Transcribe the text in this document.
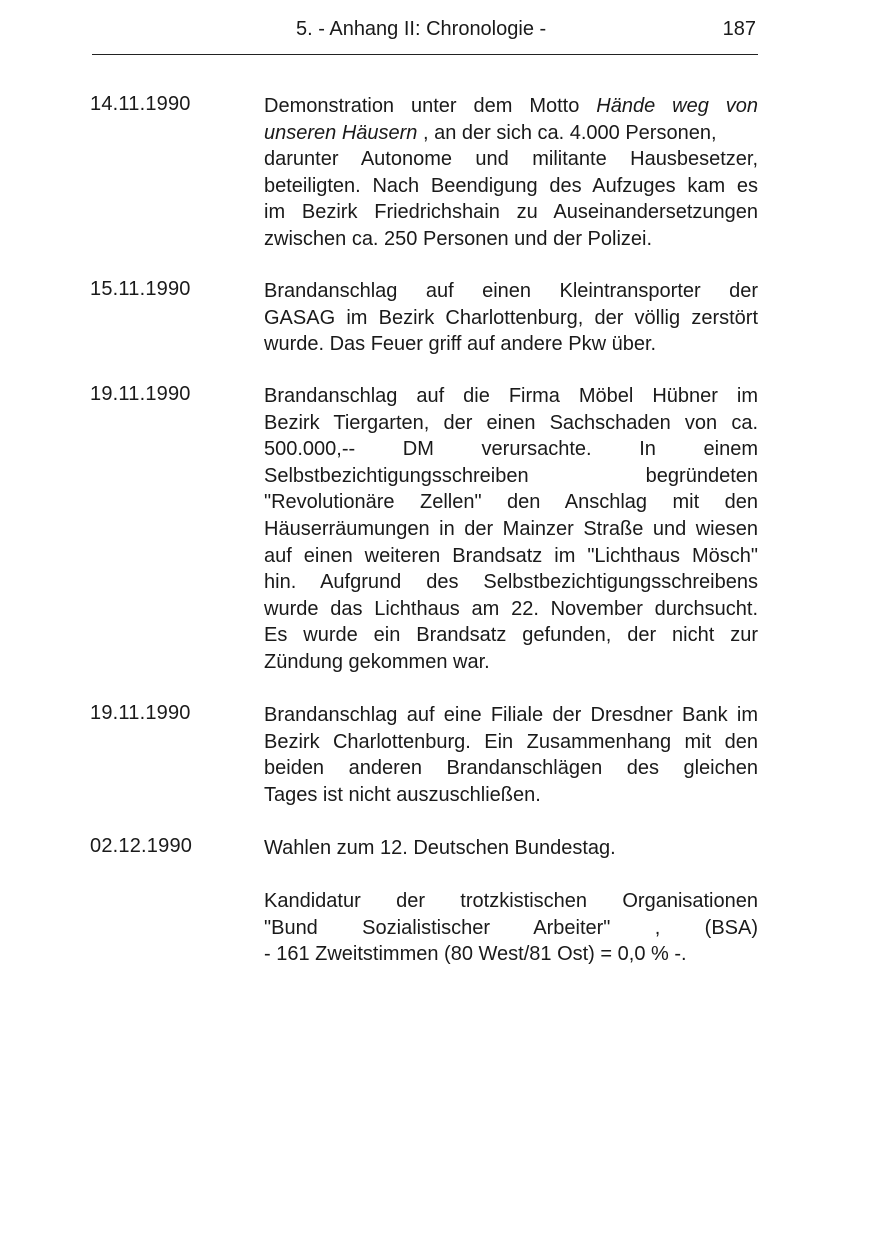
5. - Anhang II: Chronologie -	187
14.11.1990	Demonstration unter dem Motto Hände weg von
unseren Häusern , an der sich ca. 4.000 Personen,
darunter Autonome und militante Hausbesetzer,
beteiligten. Nach Beendigung des Aufzuges kam es
im Bezirk Friedrichshain zu Auseinandersetzungen
zwischen ca. 250 Personen und der Polizei.
15.11.1990	Brandanschlag auf einen Kleintransporter der
GASAG im Bezirk Charlottenburg, der völlig zerstört
wurde. Das Feuer griff auf andere Pkw über.
19.11.1990	Brandanschlag auf die Firma Möbel Hübner im
Bezirk Tiergarten, der einen Sachschaden von ca.
500.000,-- DM verursachte. In einem
Selbstbezichtigungsschreiben begründeten
"Revolutionäre Zellen" den Anschlag mit den
Häuserräumungen in der Mainzer Straße und wiesen
auf einen weiteren Brandsatz im "Lichthaus Mösch"
hin. Aufgrund des Selbstbezichtigungsschreibens
wurde das Lichthaus am 22. November durchsucht.
Es wurde ein Brandsatz gefunden, der nicht zur
Zündung gekommen war.
19.11.1990	Brandanschlag auf eine Filiale der Dresdner Bank im
Bezirk Charlottenburg. Ein Zusammenhang mit den
beiden anderen Brandanschlägen des gleichen
Tages ist nicht auszuschließen.
02.12.1990	Wahlen zum 12. Deutschen Bundestag.
Kandidatur der trotzkistischen Organisationen
"Bund Sozialistischer Arbeiter" , (BSA)
- 161 Zweitstimmen (80 West/81 Ost) = 0,0 % -.
